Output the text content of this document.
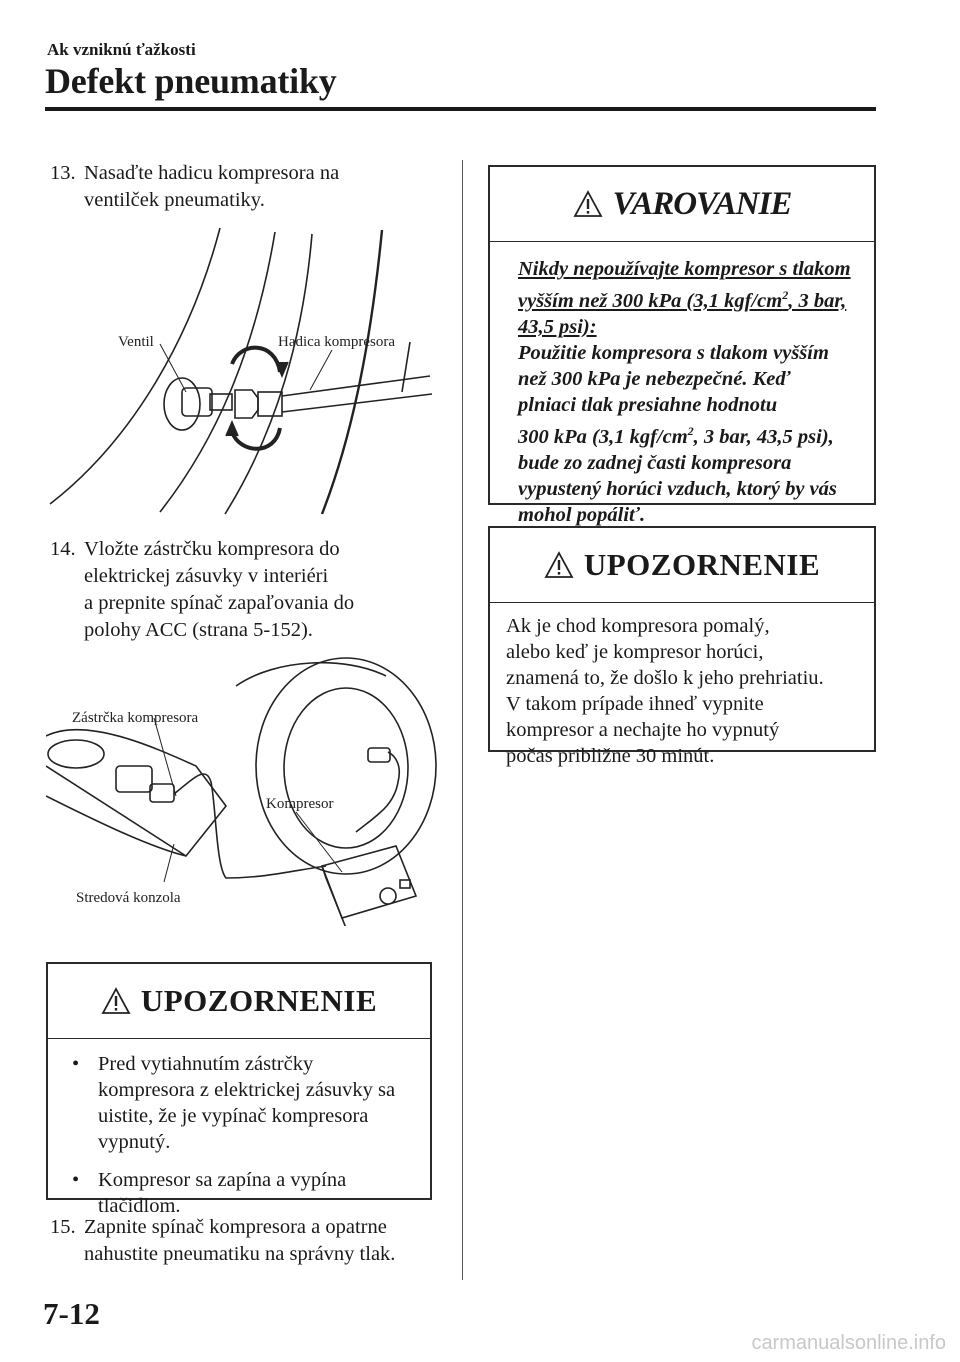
Ak vzniknú ťažkosti
Defekt pneumatiky
13. Nasaďte hadicu kompresora na
ventilček pneumatiky.
Ventil	Hadica kompresora
14. Vložte zástrčku kompresora do
elektrickej zásuvky v interiéri
a prepnite spínač zapaľovania do
polohy ACC (strana 5-152).
Zástrčka kompresora
Kompresor
Stredová konzola
UPOZORNENIE
• Pred vytiahnutím zástrčky
kompresora z elektrickej zásuvky sa
uistite, že je vypínač kompresora
vypnutý.
• Kompresor sa zapína a vypína
tlačidlom.
15. Zapnite spínač kompresora a opatrne
nahustite pneumatiku na správny tlak.
VAROVANIE
Nikdy nepoužívajte kompresor s tlakom
vyšším než 300 kPa (3,1 kgf/$cm^2$, 3 bar,
43,5 psi):
Použitie kompresora s tlakom vyšším
než 300 kPa je nebezpečné. Keď
plniaci tlak presiahne hodnotu
300 kPa (3,1 kgf/$cm^2$, 3 bar, 43,5 psi),
bude zo zadnej časti kompresora
vypustený horúci vzduch, ktorý by vás
mohol popáliť.
UPOZORNENIE
Ak je chod kompresora pomalý,
alebo keď je kompresor horúci,
znamená to, že došlo k jeho prehriatiu.
V takom prípade ihneď vypnite
kompresor a nechajte ho vypnutý
počas približne 30 minút.
7-12
carmanualsonline.info
